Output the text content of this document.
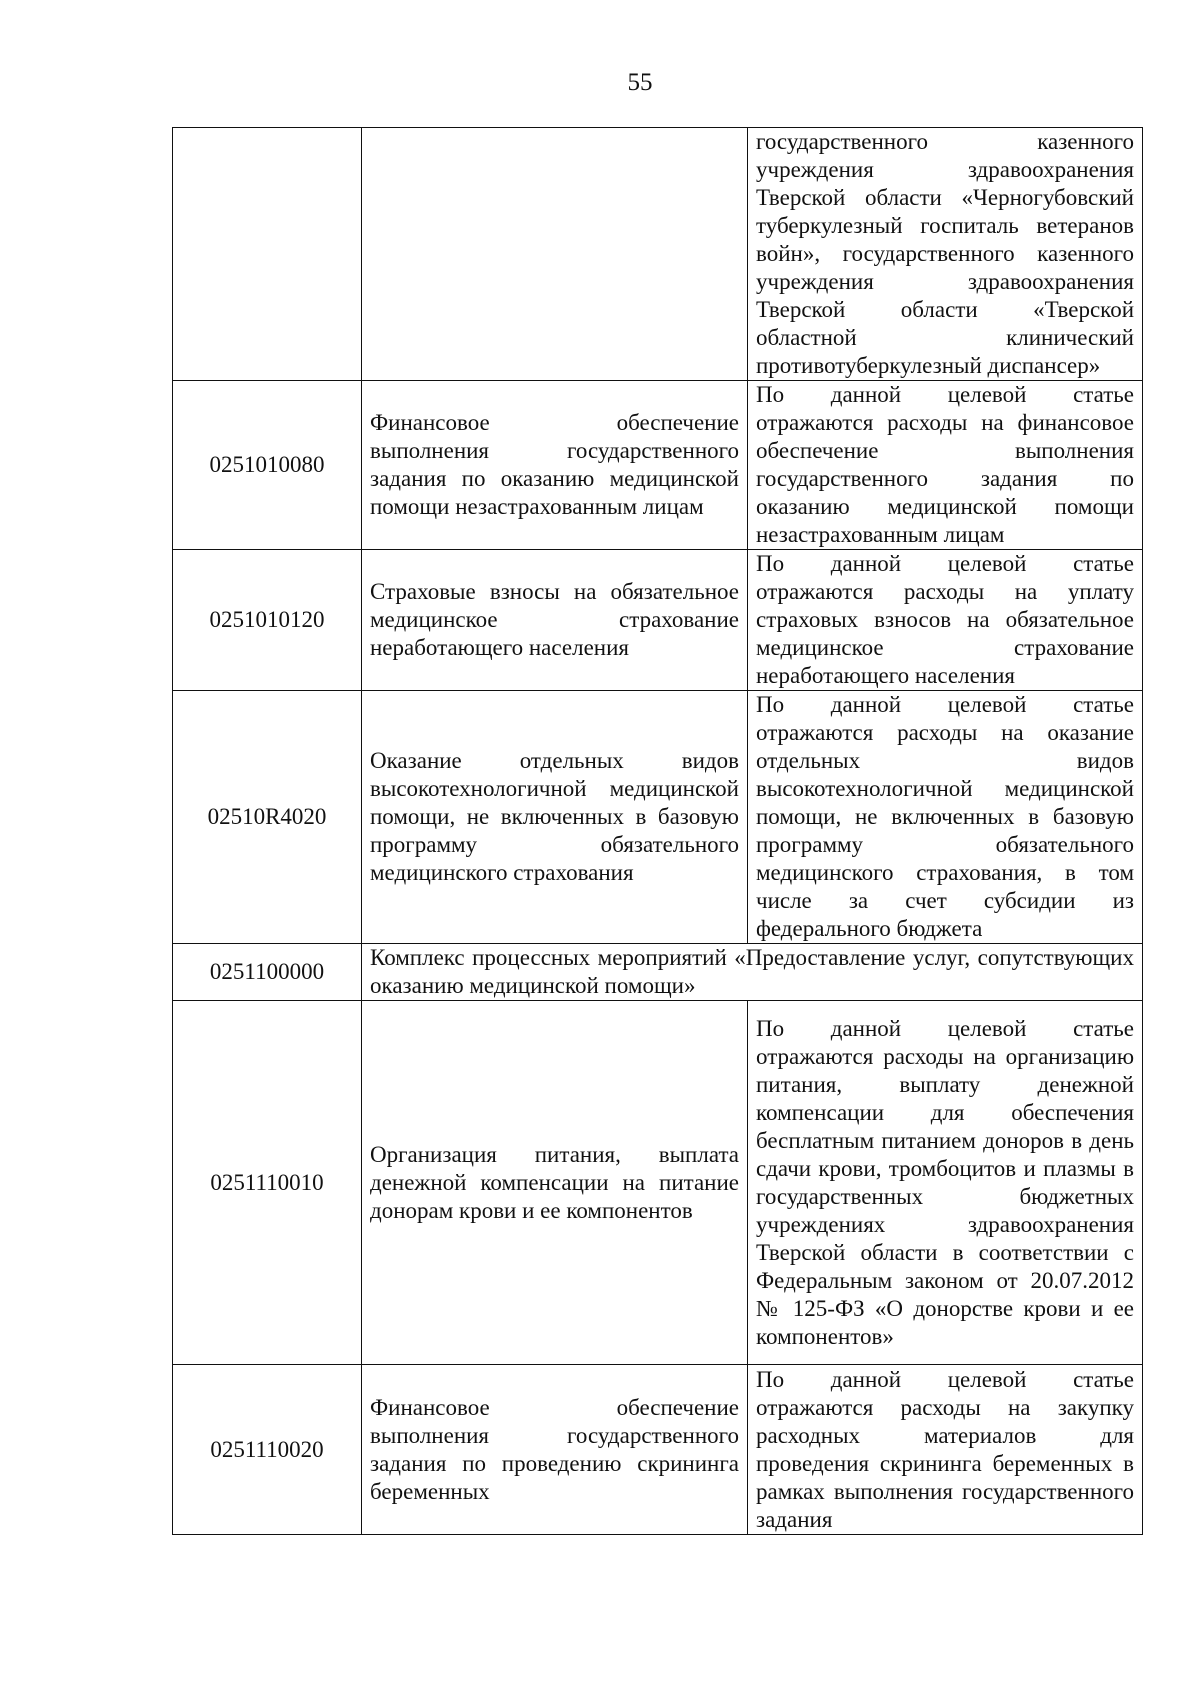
55
		государственного казенного учреждения здравоохранения Тверской области «Черногубовский туберкулезный госпиталь ветеранов войн», государственного казенного учреждения здравоохранения Тверской области «Тверской областной клинический противотуберкулезный диспансер»
0251010080	Финансовое обеспечение выполнения государственного задания по оказанию медицинской помощи незастрахованным лицам	По данной целевой статье отражаются расходы на финансовое обеспечение выполнения государственного задания по оказанию медицинской помощи незастрахованным лицам
0251010120	Страховые взносы на обязательное медицинское страхование неработающего населения	По данной целевой статье отражаются расходы на уплату страховых взносов на обязательное медицинское страхование неработающего населения
02510R4020	Оказание отдельных видов высокотехнологичной медицинской помощи, не включенных в базовую программу обязательного медицинского страхования	По данной целевой статье отражаются расходы на оказание отдельных видов высокотехнологичной медицинской помощи, не включенных в базовую программу обязательного медицинского страхования, в том числе за счет субсидии из федерального бюджета
0251100000	Комплекс процессных мероприятий «Предоставление услуг, сопутствующих оказанию медицинской помощи»	
0251110010	Организация питания, выплата денежной компенсации на питание донорам крови и ее компонентов	По данной целевой статье отражаются расходы на организацию питания, выплату денежной компенсации для обеспечения бесплатным питанием доноров в день сдачи крови, тромбоцитов и плазмы в государственных бюджетных учреждениях здравоохранения Тверской области в соответствии с Федеральным законом от 20.07.2012 № 125-ФЗ «О донорстве крови и ее компонентов»
0251110020	Финансовое обеспечение выполнения государственного задания по проведению скрининга беременных	По данной целевой статье отражаются расходы на закупку расходных материалов для проведения скрининга беременных в рамках выполнения государственного задания
